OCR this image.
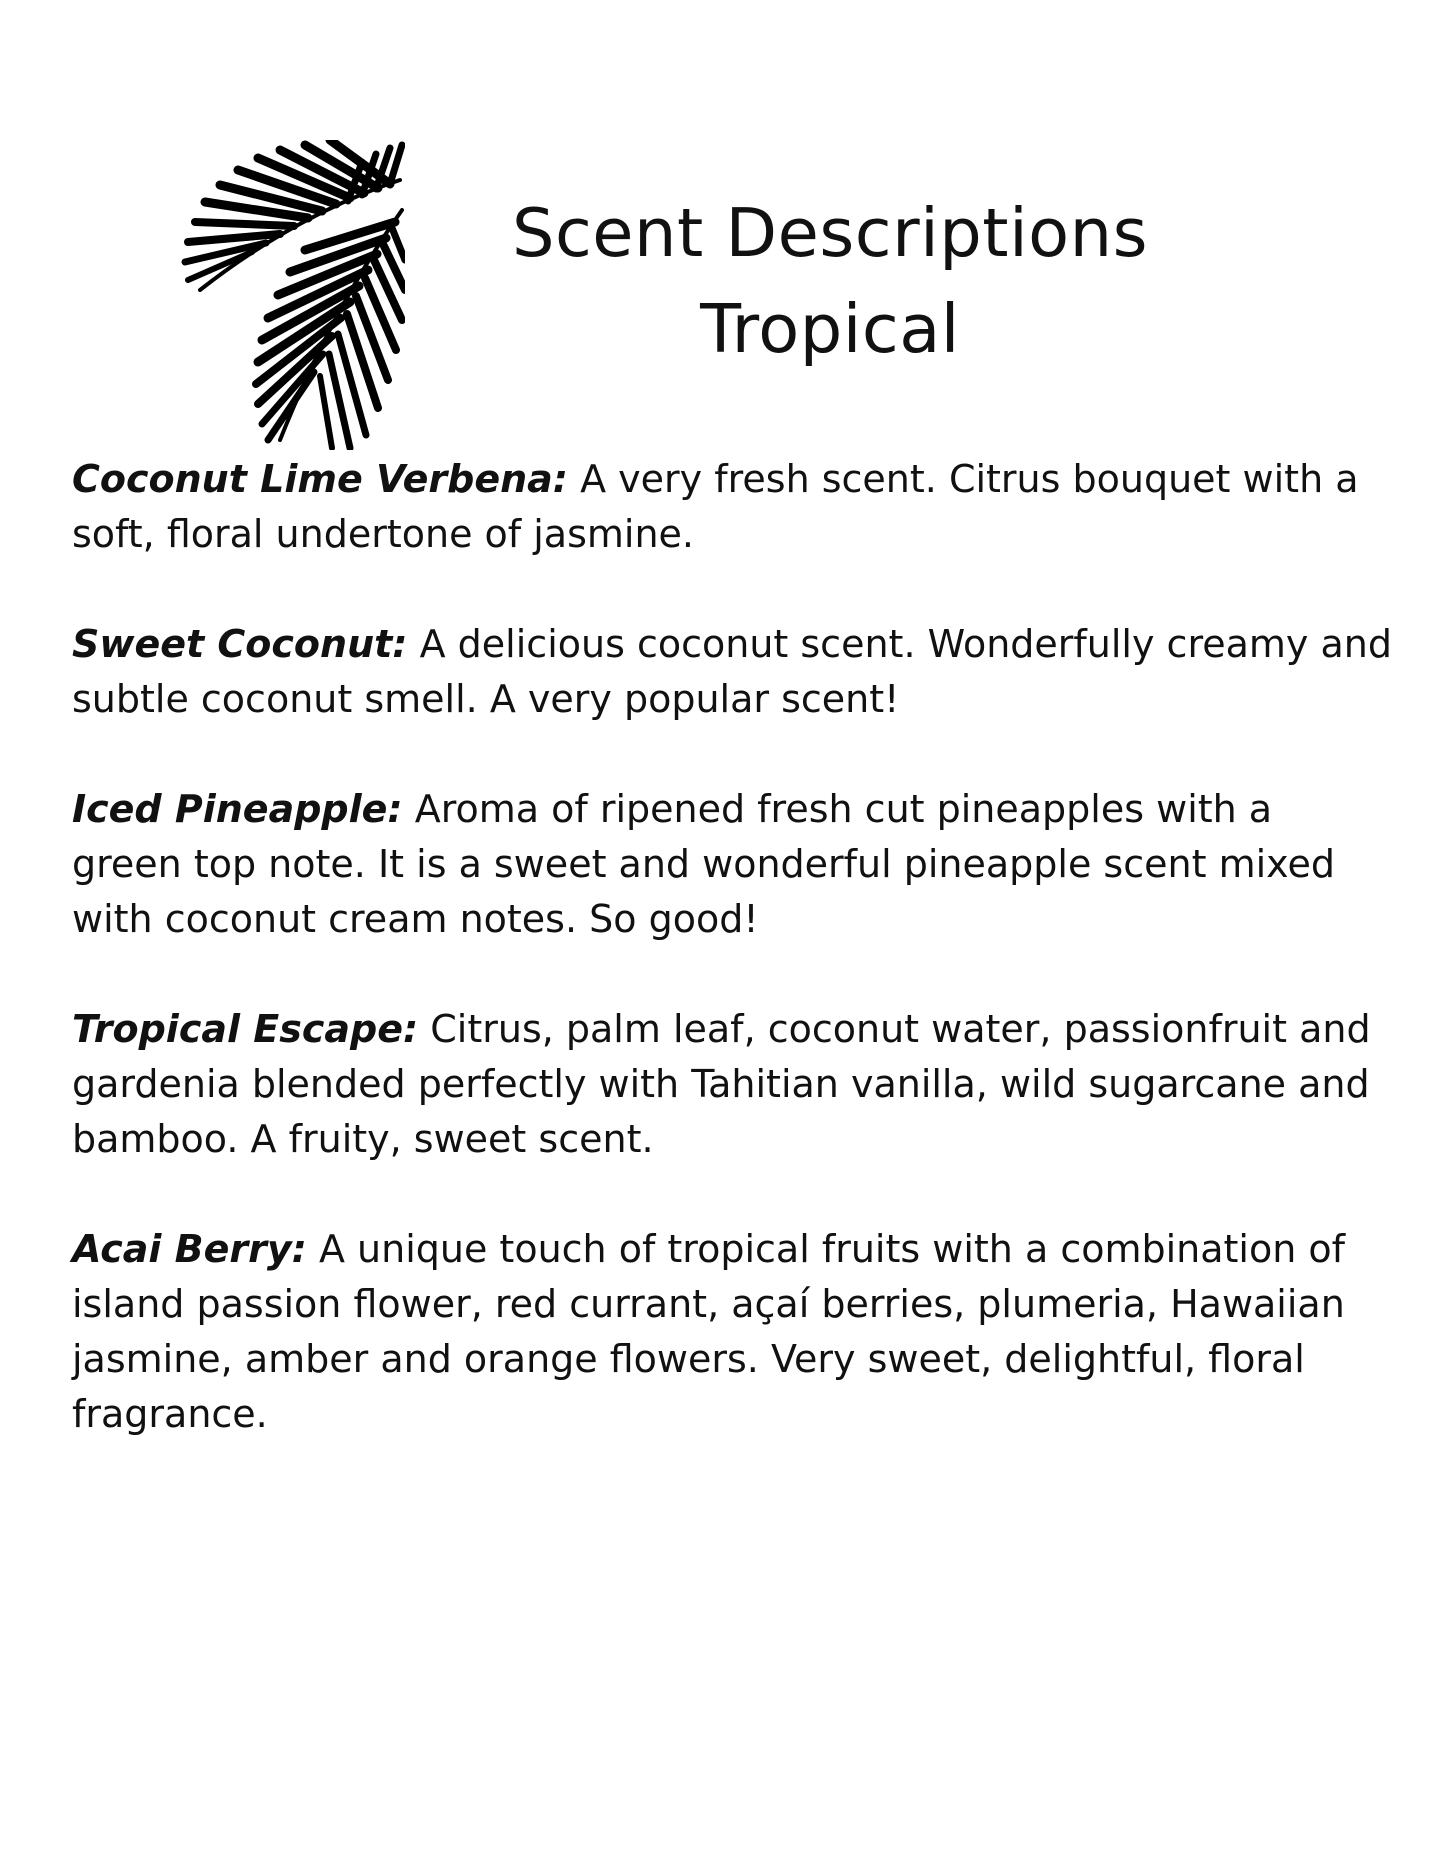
Scent Descriptions
Tropical

Coconut Lime Verbena: A very fresh scent. Citrus bouquet with a soft, floral undertone of jasmine.

Sweet Coconut: A delicious coconut scent. Wonderfully creamy and subtle coconut smell. A very popular scent!

Iced Pineapple: Aroma of ripened fresh cut pineapples with a green top note. It is a sweet and wonderful pineapple scent mixed with coconut cream notes. So good!

Tropical Escape: Citrus, palm leaf, coconut water, passionfruit and gardenia blended perfectly with Tahitian vanilla, wild sugarcane and bamboo. A fruity, sweet scent.

Acai Berry: A unique touch of tropical fruits with a combination of island passion flower, red currant, açaí berries, plumeria, Hawaiian jasmine, amber and orange flowers. Very sweet, delightful, floral fragrance.
